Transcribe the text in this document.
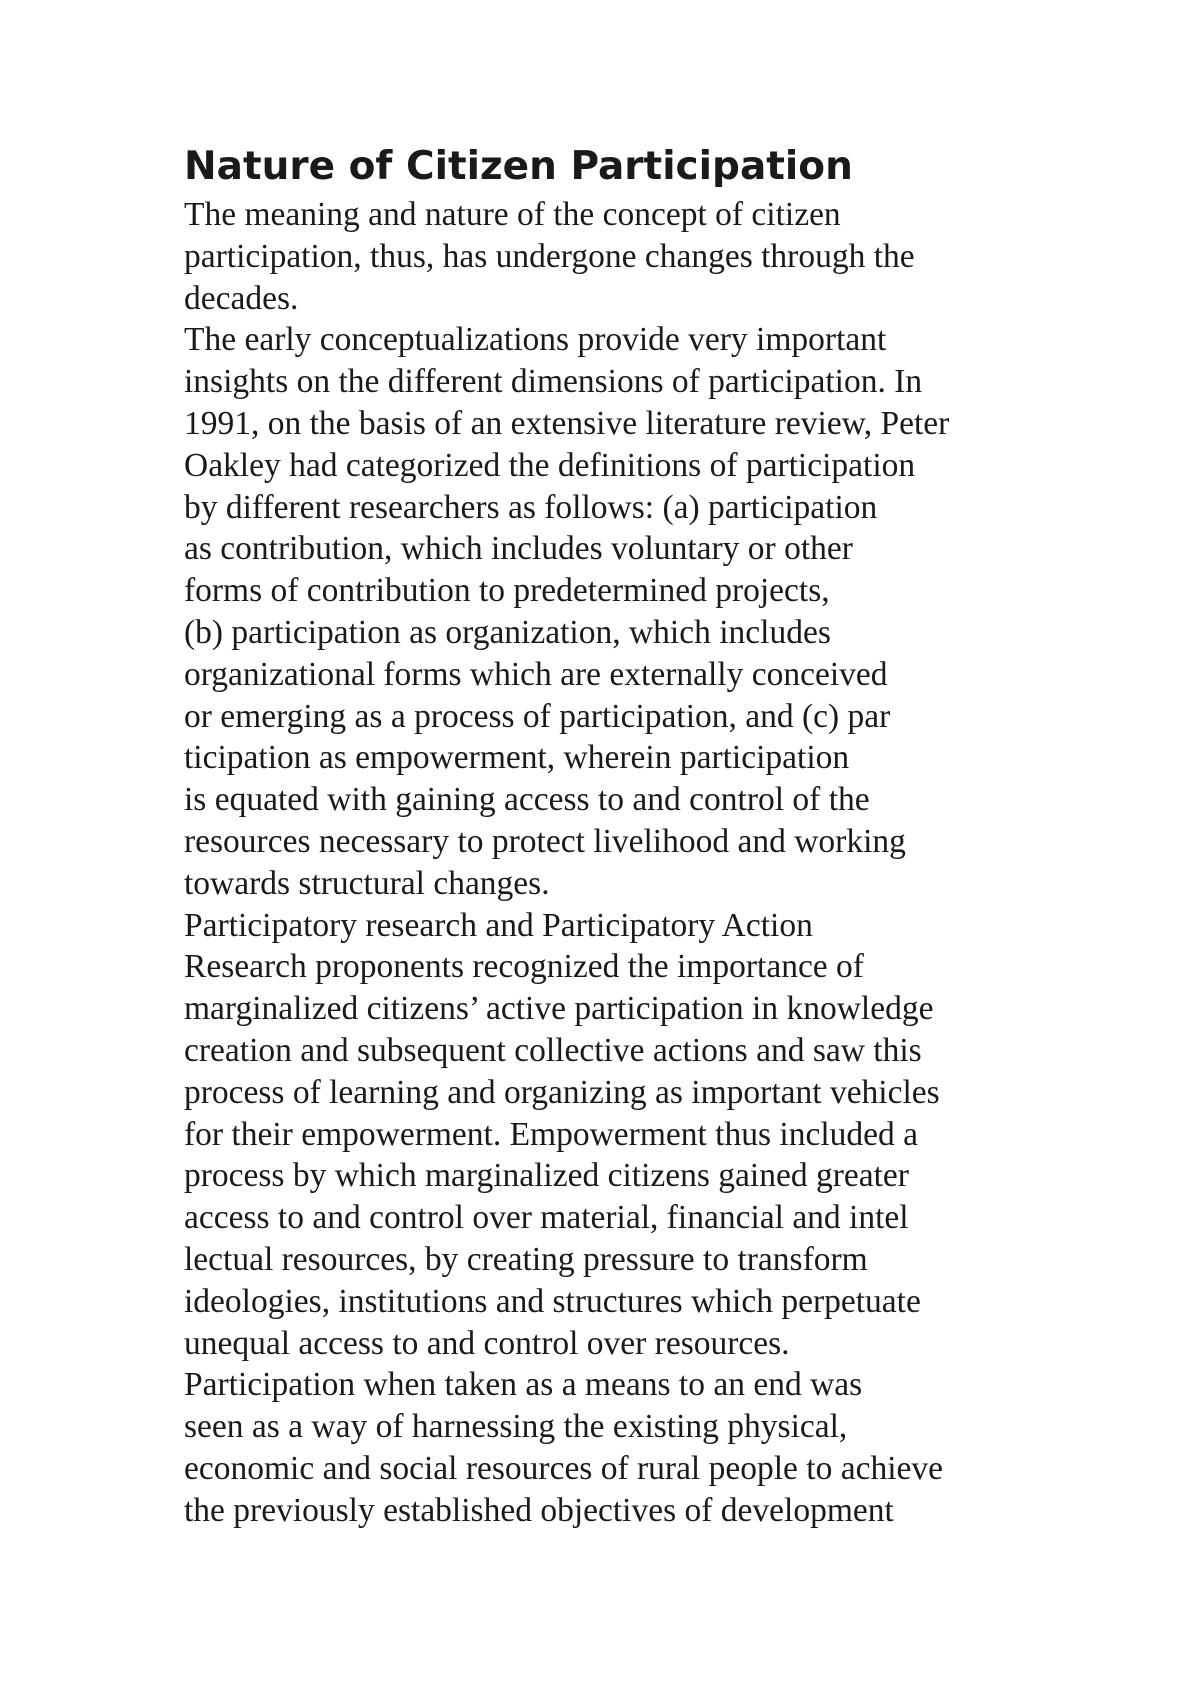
Nature of Citizen Participation

The meaning and nature of the concept of citizen

participation, thus, has undergone changes through the

decades.

The early conceptualizations provide very important

insights on the different dimensions of participation. In

1991, on the basis of an extensive literature review, Peter

Oakley had categorized the definitions of participation

by different researchers as follows: (a) participation

as contribution, which includes voluntary or other

forms of contribution to predetermined projects,

(b) participation as organization, which includes

organizational forms which are externally conceived

or emerging as a process of participation, and (c) par

ticipation as empowerment, wherein participation

is equated with gaining access to and control of the

resources necessary to protect livelihood and working

towards structural changes.

Participatory research and Participatory Action

Research proponents recognized the importance of

marginalized citizens’ active participation in knowledge

creation and subsequent collective actions and saw this

process of learning and organizing as important vehicles

for their empowerment. Empowerment thus included a

process by which marginalized citizens gained greater

access to and control over material, financial and intel

lectual resources, by creating pressure to transform

ideologies, institutions and structures which perpetuate

unequal access to and control over resources.

Participation when taken as a means to an end was

seen as a way of harnessing the existing physical,

economic and social resources of rural people to achieve

the previously established objectives of development
